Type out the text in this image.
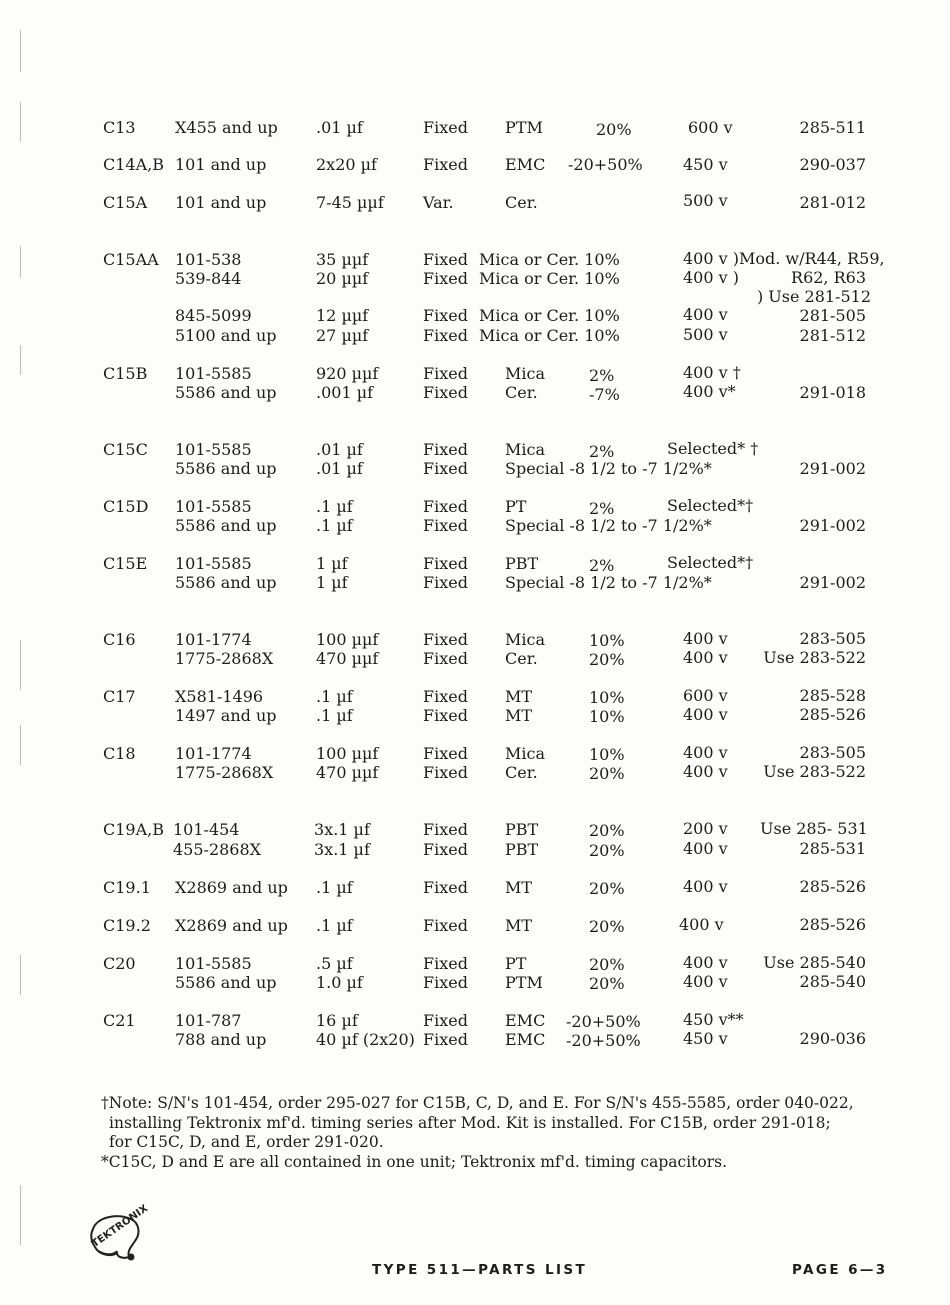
C13	X455 and up	.01 µf	Fixed	PTM	20%	600 v	285-511
C14A,B 101 and up	2x20 µf	Fixed	EMC	-20+50%	450 v	290-037
C15A	101 and up	7-45 µµf	Var.	Cer.	500 v	281-012
C15AA	101-538	35 µµf	Fixed Mica or Cer. 10%	400 v )Mod. w/R44, R59,
539-844	20 µµf	Fixed Mica or Cer. 10%	400 v )	R62, R63
) Use 281-512
845-5099	12 µµf	Fixed Mica or Cer. 10%	400 v	281-505
5100 and up	27 µµf	Fixed Mica or Cer. 10%	500 v	281-512
C15B	101-5585	920 µµf	Fixed	Mica	2%	400 v †
5586 and up	.001 µf	Fixed	Cer.	-7%	400 v*	291-018
C15C	101-5585	.01 µf	Fixed	Mica	2%	Selected* †
5586 and up	.01 µf	Fixed	Special -8 1/2 to -7 1/2%*	291-002
C15D	101-5585	.1 µf	Fixed	PT	2%	Selected*†
5586 and up	.1 µf	Fixed	Special -8 1/2 to -7 1/2%*	291-002
C15E	101-5585	1 µf	Fixed	PBT	2%	Selected*†
5586 and up	1 µf	Fixed	Special -8 1/2 to -7 1/2%*	291-002
C16	101-1774	100 µµf	Fixed	Mica	10%	400 v	283-505
1775-2868X	470 µµf	Fixed	Cer.	20%	400 v	Use 283-522
C17	X581-1496	.1 µf	Fixed	MT	10%	600 v	285-528
1497 and up	.1 µf	Fixed	MT	10%	400 v	285-526
C18	101-1774	100 µµf	Fixed	Mica	10%	400 v	283-505
1775-2868X	470 µµf	Fixed	Cer.	20%	400 v	Use 283-522
C19A,B 101-454	3x.1 µf	Fixed	PBT	20%	200 v	Use 285- 531
455-2868X	3x.1 µf	Fixed	PBT	20%	400 v	285-531
C19.1	X2869 and up	.1 µf	Fixed	MT	20%	400 v	285-526
C19.2	X2869 and up	.1 µf	Fixed	MT	20%	400 v	285-526
C20	101-5585	.5 µf	Fixed	PT	20%	400 v	Use 285-540
5586 and up	1.0 µf	Fixed	PTM	20%	400 v	285-540
C21	101-787	16 µf	Fixed	EMC	-20+50%	450 v**
788 and up	40 µf (2x20) Fixed	EMC	-20+50%	450 v	290-036

†Note: S/N's 101-454, order 295-027 for C15B, C, D, and E. For S/N's 455-5585, order 040-022,

installing Tektronix mf'd. timing series after Mod. Kit is installed. For C15B, order 291-018;

for C15C, D, and E, order 291-020.

*C15C, D and E are all contained in one unit; Tektronix mf'd. timing capacitors.

TEKTRONIX
TYPE 511—PARTS LIST	PAGE 6—3
